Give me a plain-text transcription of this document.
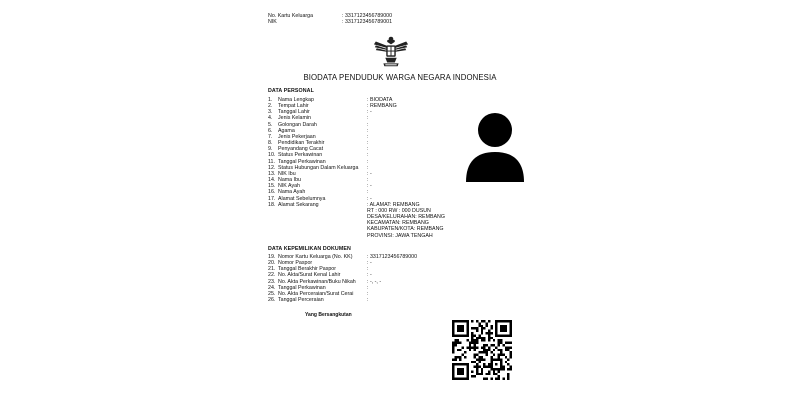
No. Kartu Keluarga	: 3317123456789000
NIK	: 3317123456789001
BIODATA PENDUDUK WARGA NEGARA INDONESIA
DATA PERSONAL
1.	Nama Lengkap	: BIODATA
2.	Tempat Lahir	: REMBANG
3.	Tanggal Lahir	: -
4.	Jenis Kelamin	:
5.	Golongan Darah	:
6.	Agama	:
7.	Jenis Pekerjaan	:
8.	Pendidikan Terakhir	:
9.	Penyandang Cacat	:
10. Status Perkawinan	:
11. Tanggal Perkawinan	:
12. Status Hubungan Dalam Keluarga	:
13. NIK Ibu	: -
14. Nama Ibu	:
15. NIK Ayah	: -
16. Nama Ayah	:
17. Alamat Sebelumnya	: -
18. Alamat Sekarang	: ALAMAT: REMBANG
RT : 000 RW : 000 DUSUN
DESA/KELURAHAN: REMBANG
KECAMATAN: REMBANG
KABUPATEN/KOTA: REMBANG
PROVINSI: JAWA TENGAH
DATA KEPEMILIKAN DOKUMEN
19. Nomor Kartu Keluarga (No. KK)	: 3317123456789000
20. Nomor Paspor	: -
21. Tanggal Berakhir Paspor	:
22. No. Akta/Surat Kenal Lahir	: -
23. No. Akta Perkawinan/Buku Nikah	: -, -, -
24. Tanggal Perkawinan	:
25. No. Akta Perceraian/Surat Cerai	:
26. Tanggal Perceraian	:
Yang Bersangkutan
